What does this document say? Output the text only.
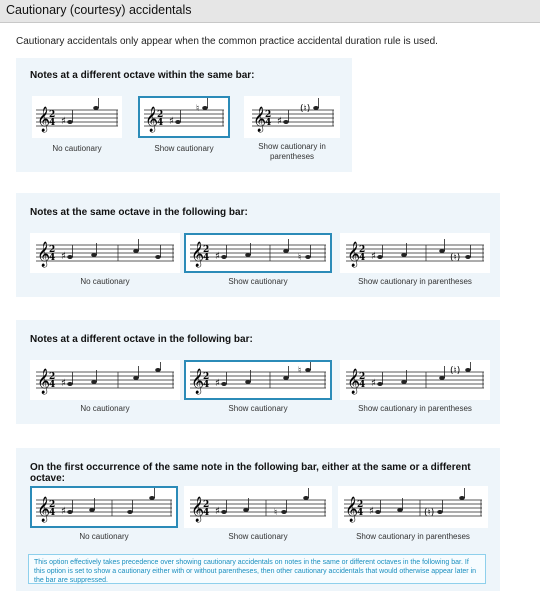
Cautionary (courtesy) accidentals
Cautionary accidentals only appear when the common practice accidental duration rule is used.
Notes at a different octave within the same bar:
𝄞
2
4 ♯
No cautionary
𝄞
2
4 ♯
♮
Show cautionary
𝄞
2
4 ♯
(♮)
Show cautionary in parentheses
Notes at the same octave in the following bar:
𝄞
2
4 ♯
No cautionary
𝄞
2
4 ♯	♮
Show cautionary
𝄞
2
4 ♯	(♮)
Show cautionary in parentheses
Notes at a different octave in the following bar:
𝄞
2
4 ♯
No cautionary
𝄞
2
4 ♯
♮
Show cautionary
𝄞
2
4 ♯
(♮)
Show cautionary in parentheses
On the first occurrence of the same note in the following bar, either at the same or a different octave:
𝄞
2
4 ♯
No cautionary
𝄞
2
4 ♯	♮
Show cautionary
𝄞
2
4 ♯	(♮)
Show cautionary in parentheses
This option effectively takes precedence over showing cautionary accidentals on notes in the same or different octaves in the following bar. If this option is set to show a cautionary either with or without parentheses, then other cautionary accidentals that would otherwise appear later in the bar are suppressed.
